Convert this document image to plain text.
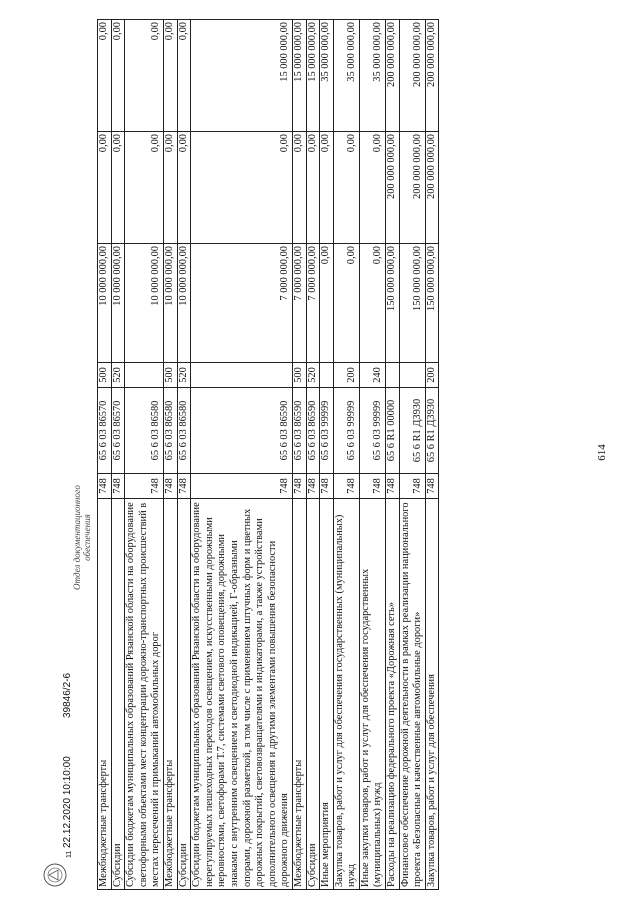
614
Межбюджетные трансферты	748	65 6 03 86570	500	10 000 000,00	0,00	0,00
Субсидии	748	65 6 03 86570	520	10 000 000,00	0,00	0,00
Субсидии бюджетам муниципальных образований Рязанской области на оборудование светофорными объектами мест концентрации дорожно-транспортных происшествий в местах пересечений и примыканий автомобильных дорог	748	65 6 03 86580		10 000 000,00	0,00	0,00
Межбюджетные трансферты	748	65 6 03 86580	500	10 000 000,00	0,00	0,00
Субсидии	748	65 6 03 86580	520	10 000 000,00	0,00	0,00
Субсидии бюджетам муниципальных образований Рязанской области на оборудование нерегулируемых пешеходных переходов освещением, искусственными дорожными неровностями, светофорами Т.7, системами светового оповещения, дорожными знаками с внутренним освещением и светодиодной индикацией, Г-образными опорами, дорожной разметкой, в том числе с применением штучных форм и цветных дорожных покрытий, световозвращателями и индикаторами, а также устройствами дополнительного освещения и другими элементами повышения безопасности дорожного движения	748	65 6 03 86590		7 000 000,00	0,00	15 000 000,00
Межбюджетные трансферты	748	65 6 03 86590	500	7 000 000,00	0,00	15 000 000,00
Субсидии	748	65 6 03 86590	520	7 000 000,00	0,00	15 000 000,00
Иные мероприятия	748	65 6 03 99999		0,00	0,00	35 000 000,00
Закупка товаров, работ и услуг для обеспечения государственных (муниципальных) нужд	748	65 6 03 99999	200	0,00	0,00	35 000 000,00
Иные закупки товаров, работ и услуг для обеспечения государственных (муниципальных) нужд	748	65 6 03 99999	240	0,00	0,00	35 000 000,00
Расходы на реализацию федерального проекта «Дорожная сеть»	748	65 6 R1 00000		150 000 000,00	200 000 000,00	200 000 000,00
Финансовое обеспечение дорожной деятельности в рамках реализации национального проекта «Безопасные и качественные автомобильные дороги»	748	65 6 R1 Д3930		150 000 000,00	200 000 000,00	200 000 000,00
Закупка товаров, работ и услуг для обеспечения	748	65 6 R1 Д3930	200	150 000 000,00	200 000 000,00	200 000 000,00
11
22.12.2020 10:10:00
39846/2-6
Отдел документационного обеспечения
